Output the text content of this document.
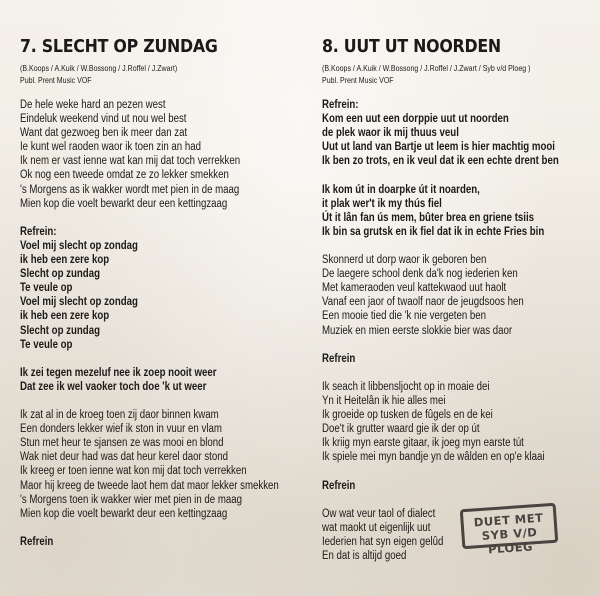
7. SLECHT OP ZUNDAG
(B.Koops / A.Kuik / W.Bossong / J.Roffel / J.Zwart)
Publ. Prent Music VOF
De hele weke hard an pezen west
Eindeluk weekend vind ut nou wel best
Want dat gezwoeg ben ik meer dan zat
Ie kunt wel raoden waor ik toen zin an had
Ik nem er vast ienne wat kan mij dat toch verrekken
Ok nog een tweede omdat ze zo lekker smekken
's Morgens as ik wakker wordt met pien in de maag
Mien kop die voelt bewarkt deur een kettingzaag
Refrein:
Voel mij slecht op zondag
ik heb een zere kop
Slecht op zundag
Te veule op
Voel mij slecht op zondag
ik heb een zere kop
Slecht op zundag
Te veule op
Ik zei tegen mezeluf nee ik zoep nooit weer
Dat zee ik wel vaoker toch doe 'k ut weer
Ik zat al in de kroeg toen zij daor binnen kwam
Een donders lekker wief ik ston in vuur en vlam
Stun met heur te sjansen ze was mooi en blond
Wak niet deur had was dat heur kerel daor stond
Ik kreeg er toen ienne wat kon mij dat toch verrekken
Maor hij kreeg de tweede laot hem dat maor lekker smekken
's Morgens toen ik wakker wier met pien in de maag
Mien kop die voelt bewarkt deur een kettingzaag
Refrein
8. UUT UT NOORDEN
(B.Koops / A.Kuik / W.Bossong / J.Roffel / J.Zwart / Syb v/d Ploeg )
Publ. Prent Music VOF
Refrein:
Kom een uut een dorppie uut ut noorden
de plek waor ik mij thuus veul
Uut ut land van Bartje ut leem is hier machtig mooi
Ik ben zo trots, en ik veul dat ik een echte drent ben
Ik kom út in doarpke út it noarden,
it plak wer't ik my thús fiel
Út it lân fan ús mem, bûter brea en griene tsiis
Ik bin sa grutsk en ik fiel dat ik in echte Fries bin
Skonnerd ut dorp waor ik geboren ben
De laegere school denk da'k nog iederien ken
Met kameraoden veul kattekwaod uut haolt
Vanaf een jaor of twaolf naor de jeugdsoos hen
Een mooie tied die 'k nie vergeten ben
Muziek en mien eerste slokkie bier was daor
Refrein
Ik seach it libbensljocht op in moaie dei
Yn it Heitelân ik hie alles mei
Ik groeide op tusken de fûgels en de kei
Doe't ik grutter waard gie ik der op út
Ik kriig myn earste gitaar, ik joeg myn earste tút
Ik spiele mei myn bandje yn de wâlden en op'e klaai
Refrein
Ow wat veur taol of dialect
wat maokt ut eigenlijk uut
Iederien hat syn eigen gelûd
En dat is altijd goed
DUET MET
SYB V/D PLOEG
